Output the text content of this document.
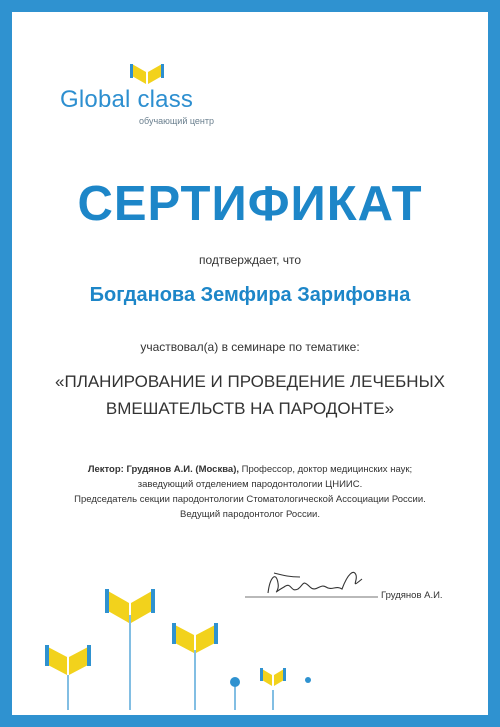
Global class
обучающий центр
СЕРТИФИКАТ
подтверждает, что
Богданова Земфира Зарифовна
участвовал(а) в семинаре по тематике:
«ПЛАНИРОВАНИЕ И ПРОВЕДЕНИЕ ЛЕЧЕБНЫХ
ВМЕШАТЕЛЬСТВ НА ПАРОДОНТЕ»
Лектор: Грудянов А.И. (Москва), Профессор, доктор медицинских наук;
заведующий отделением пародонтологии ЦНИИС.
Председатель секции пародонтологии Стоматологической Ассоциации России.
Ведущий пародонтолог России.
Грудянов А.И.
